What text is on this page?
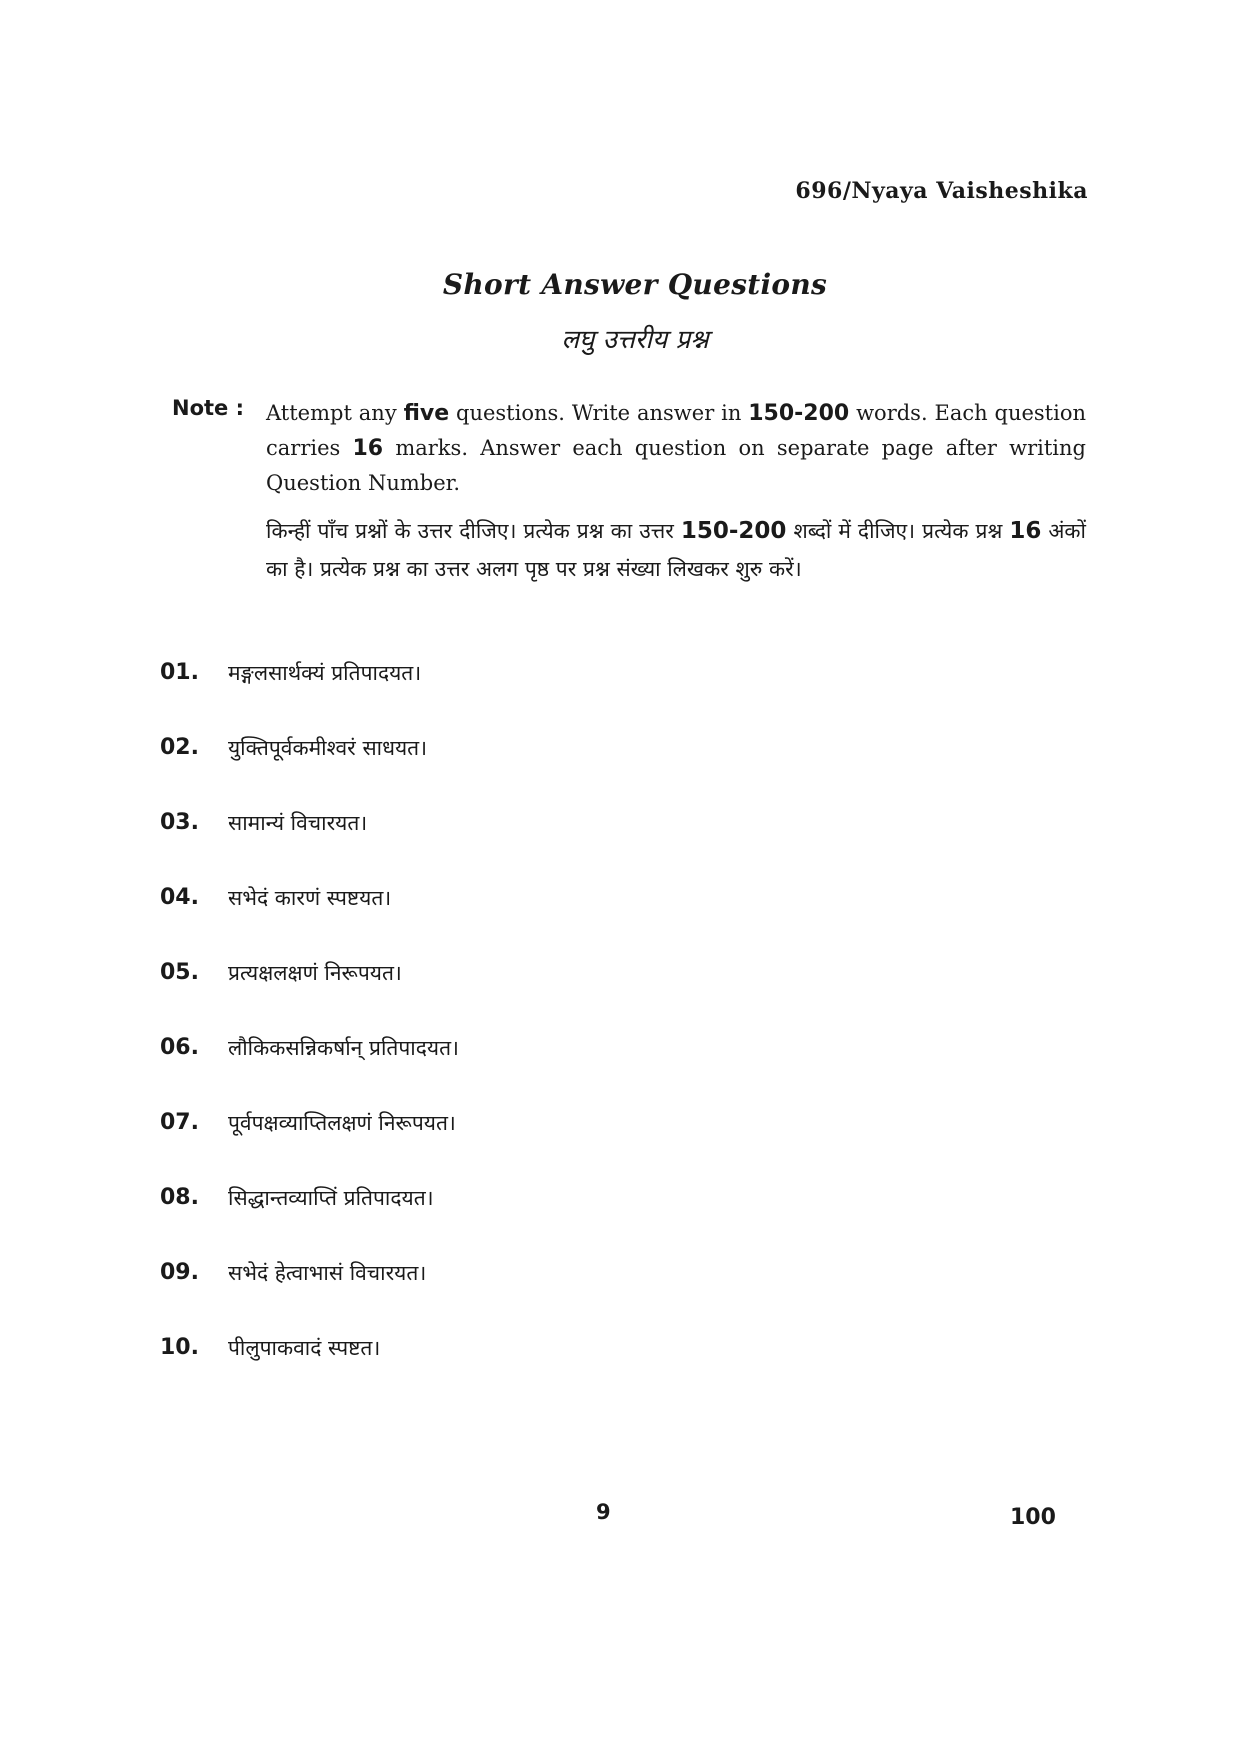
696/Nyaya Vaisheshika
Short Answer Questions
लघु उत्तरीय प्रश्न
Note : Attempt any five questions. Write answer in 150-200 words. Each question carries 16 marks. Answer each question on separate page after writing Question Number.
किन्हीं पाँच प्रश्नों के उत्तर दीजिए। प्रत्येक प्रश्न का उत्तर 150-200 शब्दों में दीजिए। प्रत्येक प्रश्न 16 अंकों का है। प्रत्येक प्रश्न का उत्तर अलग पृष्ठ पर प्रश्न संख्या लिखकर शुरु करें।
01.	मङ्गलसार्थक्यं प्रतिपादयत।
02.	युक्तिपूर्वकमीश्वरं साधयत।
03.	सामान्यं विचारयत।
04.	सभेदं कारणं स्पष्टयत।
05.	प्रत्यक्षलक्षणं निरूपयत।
06.	लौकिकसन्निकर्षान् प्रतिपादयत।
07.	पूर्वपक्षव्याप्तिलक्षणं निरूपयत।
08.	सिद्धान्तव्याप्तिं प्रतिपादयत।
09.	सभेदं हेत्वाभासं विचारयत।
10.	पीलुपाकवादं स्पष्टत।
9	100
